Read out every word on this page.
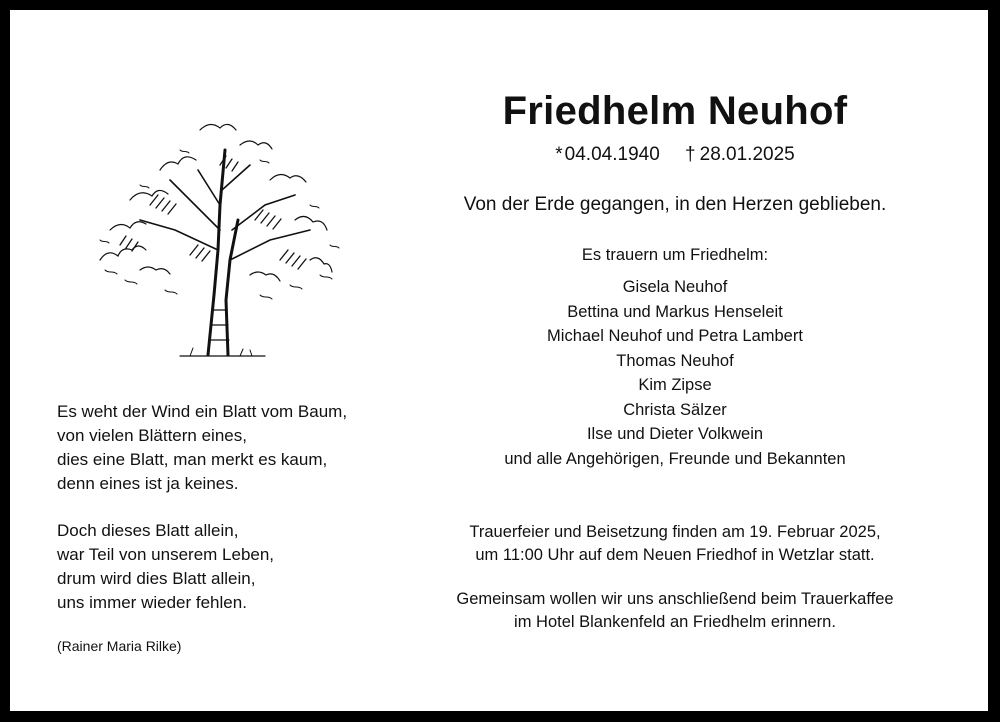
Es weht der Wind ein Blatt vom Baum,
von vielen Blättern eines,
dies eine Blatt, man merkt es kaum,
denn eines ist ja keines.

Doch dieses Blatt allein,
war Teil von unserem Leben,
drum wird dies Blatt allein,
uns immer wieder fehlen.

(Rainer Maria Rilke)
Friedhelm Neuhof
* 04.04.1940 † 28.01.2025
Von der Erde gegangen, in den Herzen geblieben.
Es trauern um Friedhelm:
Gisela Neuhof
Bettina und Markus Henseleit
Michael Neuhof und Petra Lambert
Thomas Neuhof
Kim Zipse
Christa Sälzer
Ilse und Dieter Volkwein
und alle Angehörigen, Freunde und Bekannten
Trauerfeier und Beisetzung finden am 19. Februar 2025,
um 11:00 Uhr auf dem Neuen Friedhof in Wetzlar statt.
Gemeinsam wollen wir uns anschließend beim Trauerkaffee
im Hotel Blankenfeld an Friedhelm erinnern.
